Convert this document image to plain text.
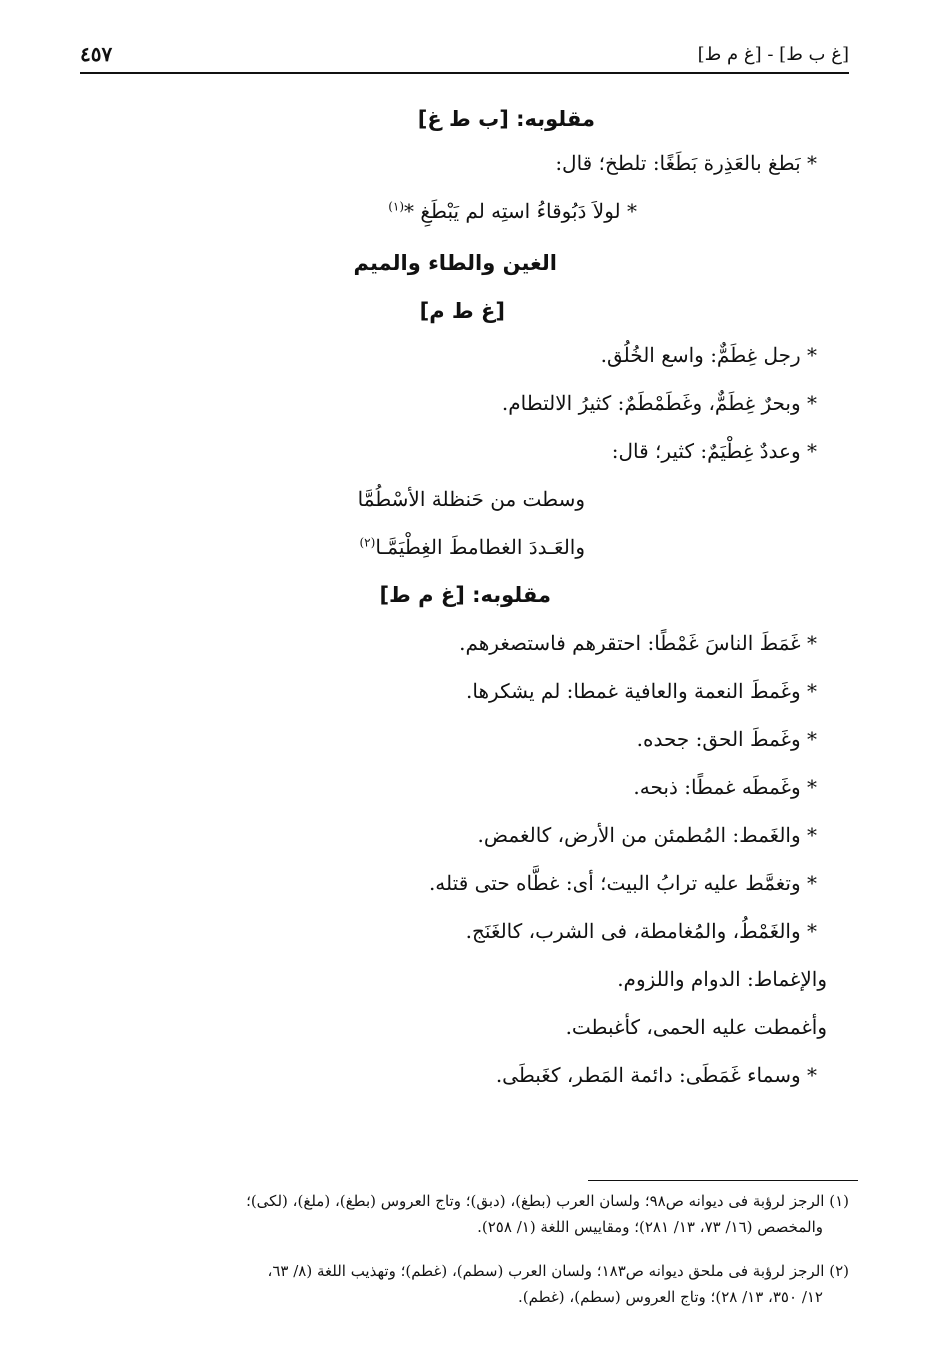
٤٥٧	[غ ب ط] - [غ م ط]
مقلوبه: [ب ط غ]
* بَطغ بالعَذِرة بَطَغًا: تلطخ؛ قال:
* لولاَ دَبُوقاءُ استِه لم يَبْطَغِ *$^{(١)}$
الغين والطاء والميم
[غ ط م]
* رجل غِطَمٌّ: واسع الخُلُق.
* وبحرٌ غِطَمٌّ، وغَطَمْطَمٌ: كثيرُ الالتطام.
* وعددٌ غِطْيَمٌ: كثير؛ قال:
وسطت من حَنظلة الأسْطُمَّا
والعَـددَ الغطامطَ الغِطْيَمَّـا$^{(٢)}$
مقلوبه: [غ م ط]
* غَمَطَ الناسَ غَمْطًا: احتقرهم فاستصغرهم.
* وغَمطَ النعمة والعافية غمطا: لم يشكرها.
* وغَمطَ الحق: جحده.
* وغَمطَه غمطًا: ذبحه.
* والغَمط: المُطمئن من الأرض، كالغمض.
* وتغمَّط عليه ترابُ البيت؛ أى: غطَّاه حتى قتله.
* والغَمْطُ، والمُغامطة، فى الشرب، كالغَنَج.
والإغماط: الدوام واللزوم.
وأغمطت عليه الحمى، كأغبطت.
* وسماء غَمَطَى: دائمة المَطر، كغَبطَى.

(١) الرجز لرؤبة فى ديوانه ص٩٨؛ ولسان العرب (بطغ)، (دبق)؛ وتاج العروس (بطغ)، (ملغ)، (لكى)؛

والمخصص (١٦/ ٧٣، ١٣/ ٢٨١)؛ ومقاييس اللغة (١/ ٢٥٨).

(٢) الرجز لرؤبة فى ملحق ديوانه ص١٨٣؛ ولسان العرب (سطم)، (غطم)؛ وتهذيب اللغة (٨/ ٦٣،

١٢/ ٣٥٠، ١٣/ ٢٨)؛ وتاج العروس (سطم)، (غطم).
